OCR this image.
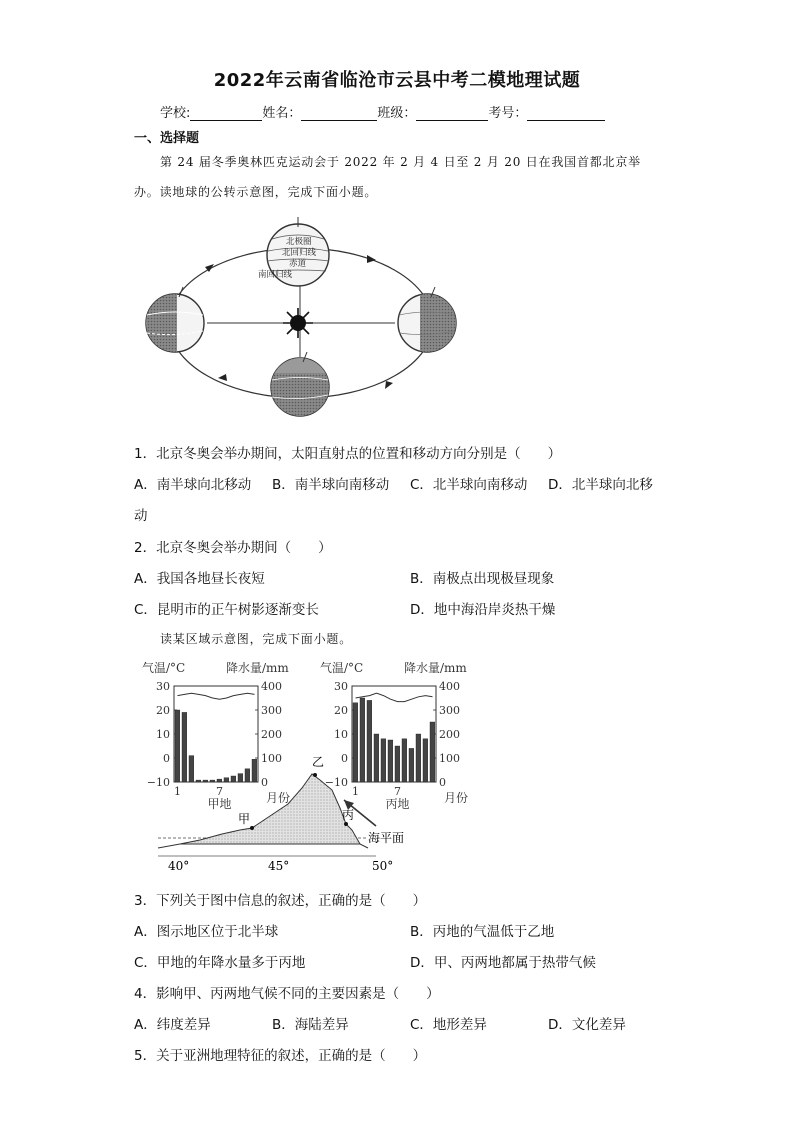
2022年云南省临沧市云县中考二模地理试题
学校:	姓名：	班级：	考号：
一、选择题
第 24 届冬季奥林匹克运动会于 2022 年 2 月 4 日至 2 月 20 日在我国首都北京举
办。读地球的公转示意图，完成下面小题。
北极圈
北回归线
赤道
南回归线
1．北京冬奥会举办期间，太阳直射点的位置和移动方向分别是（　　）
A．南半球向北移动 B．南半球向南移动 C．北半球向南移动 D．北半球向北移
动
2．北京冬奥会举办期间（　　）
A．我国各地昼长夜短	B．南极点出现极昼现象
C．昆明市的正午树影逐渐变长	D．地中海沿岸炎热干燥
读某区域示意图，完成下面小题。
气温/°C	降水量/mm
30
20
10
0
−10
400
300
200
100
0
1	7
甲地	月份
气温/°C	降水量/mm
30
20
10
0
−10
400
300
200
100
0
1	7
丙地	月份
甲
乙
丙
海平面
40°	45°	50°
3．下列关于图中信息的叙述，正确的是（　　）
A．图示地区位于北半球	B．丙地的气温低于乙地
C．甲地的年降水量多于丙地	D．甲、丙两地都属于热带气候
4．影响甲、丙两地气候不同的主要因素是（　　）
A．纬度差异	B．海陆差异	C．地形差异	D．文化差异
5．关于亚洲地理特征的叙述，正确的是（　　）
